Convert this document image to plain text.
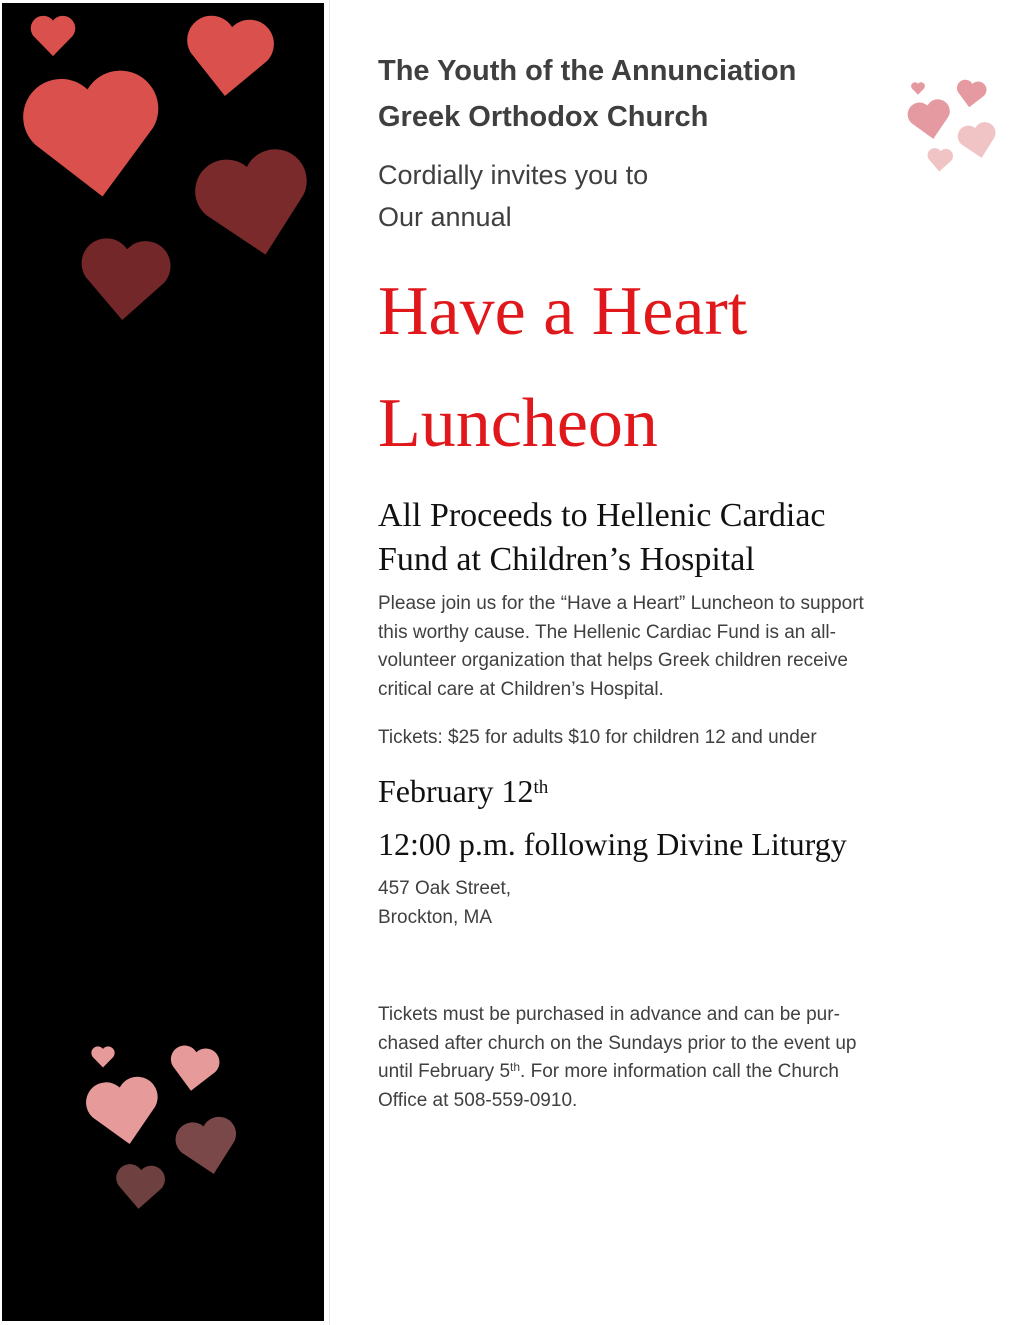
The Youth of the Annunciation
Greek Orthodox Church

Cordially invites you to
Our annual

Have a Heart
Luncheon
All Proceeds to Hellenic Cardiac
Fund at Children’s Hospital

Please join us for the “Have a Heart” Luncheon to support
this worthy cause. The Hellenic Cardiac Fund is an all-
volunteer organization that helps Greek children receive
critical care at Children’s Hospital.

Tickets: $25 for adults $10 for children 12 and under

February 12th
12:00 p.m. following Divine Liturgy

457 Oak Street,
Brockton, MA

Tickets must be purchased in advance and can be pur-
chased after church on the Sundays prior to the event up
until February 5th. For more information call the Church
Office at 508-559-0910.
